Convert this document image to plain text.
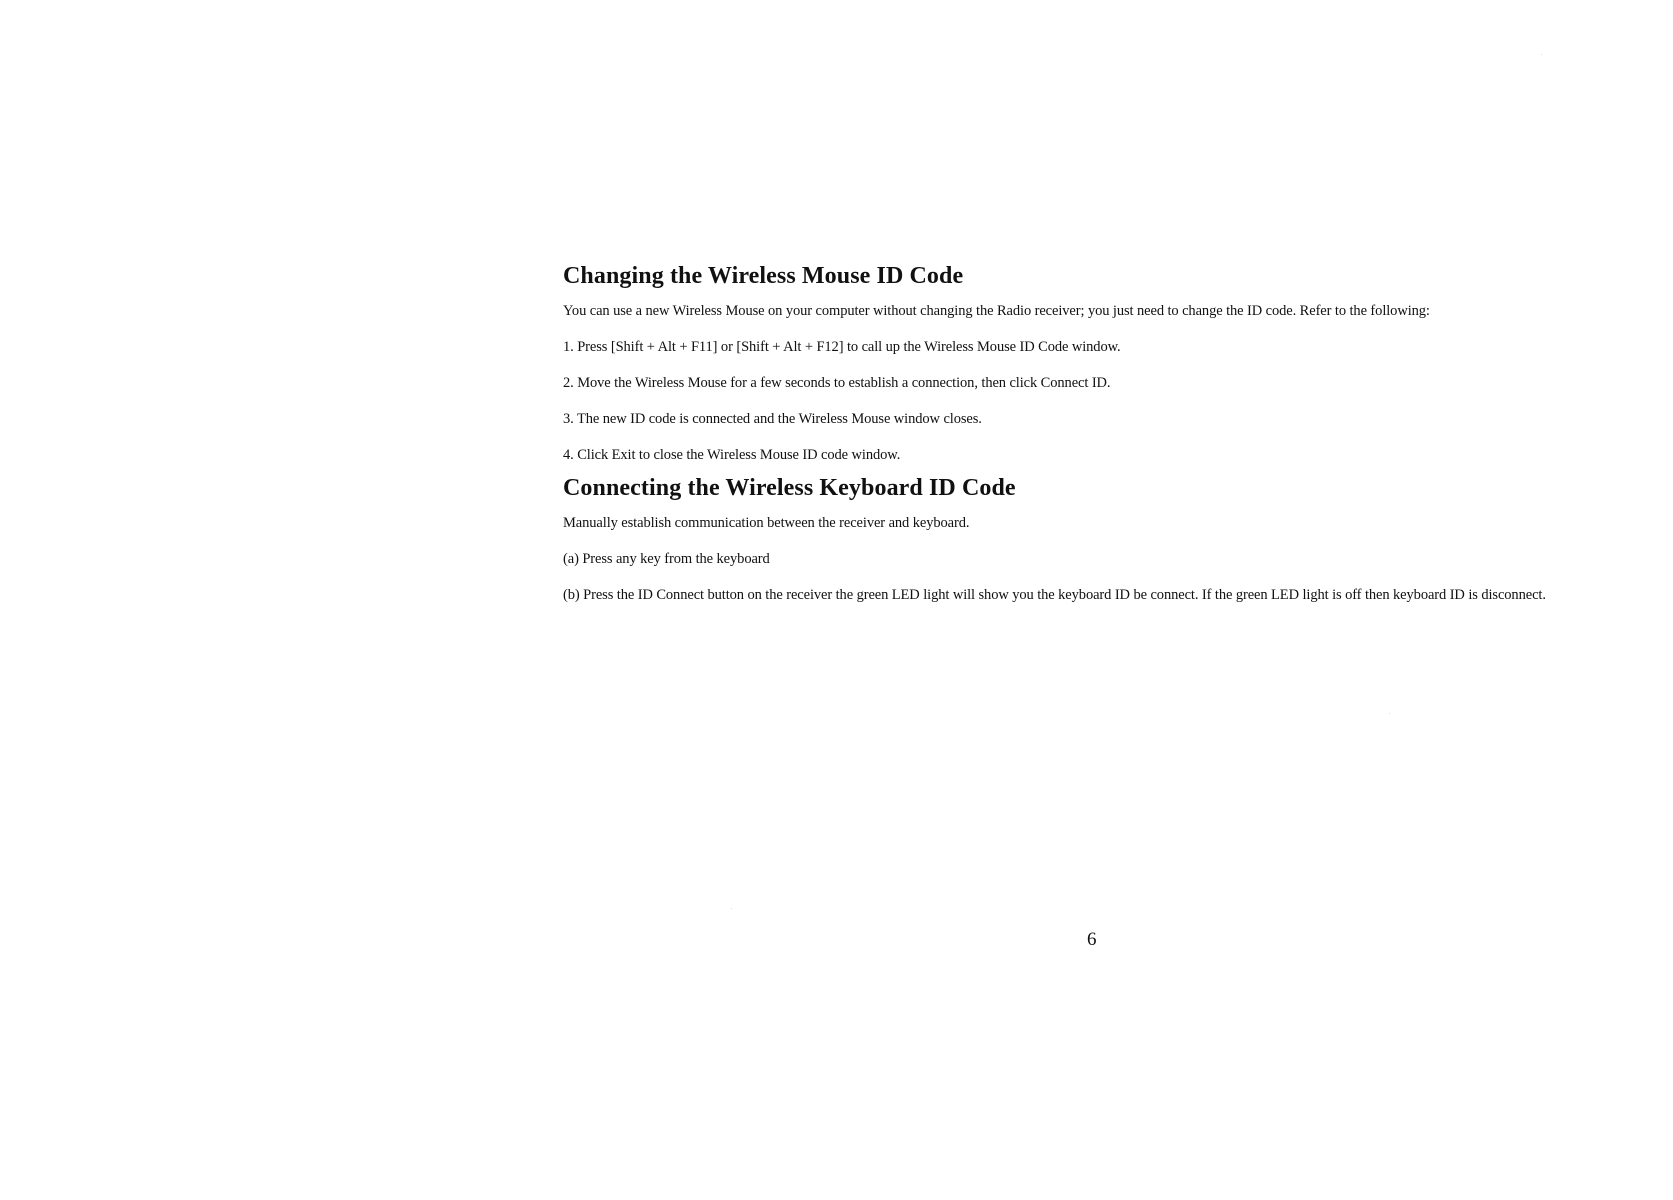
Changing the Wireless Mouse ID Code

You can use a new Wireless Mouse on your computer without changing the Radio receiver; you just need to change the ID code. Refer to the following:

1. Press [Shift + Alt + F11] or [Shift + Alt + F12] to call up the Wireless Mouse ID Code window.

2. Move the Wireless Mouse for a few seconds to establish a connection, then click Connect ID.

3. The new ID code is connected and the Wireless Mouse window closes.

4. Click Exit to close the Wireless Mouse ID code window.

Connecting the Wireless Keyboard ID Code

Manually establish communication between the receiver and keyboard.

(a) Press any key from the keyboard

(b) Press the ID Connect button on the receiver the green LED light will show you the keyboard ID be connect. If the green LED light is off then keyboard ID is disconnect.

6
